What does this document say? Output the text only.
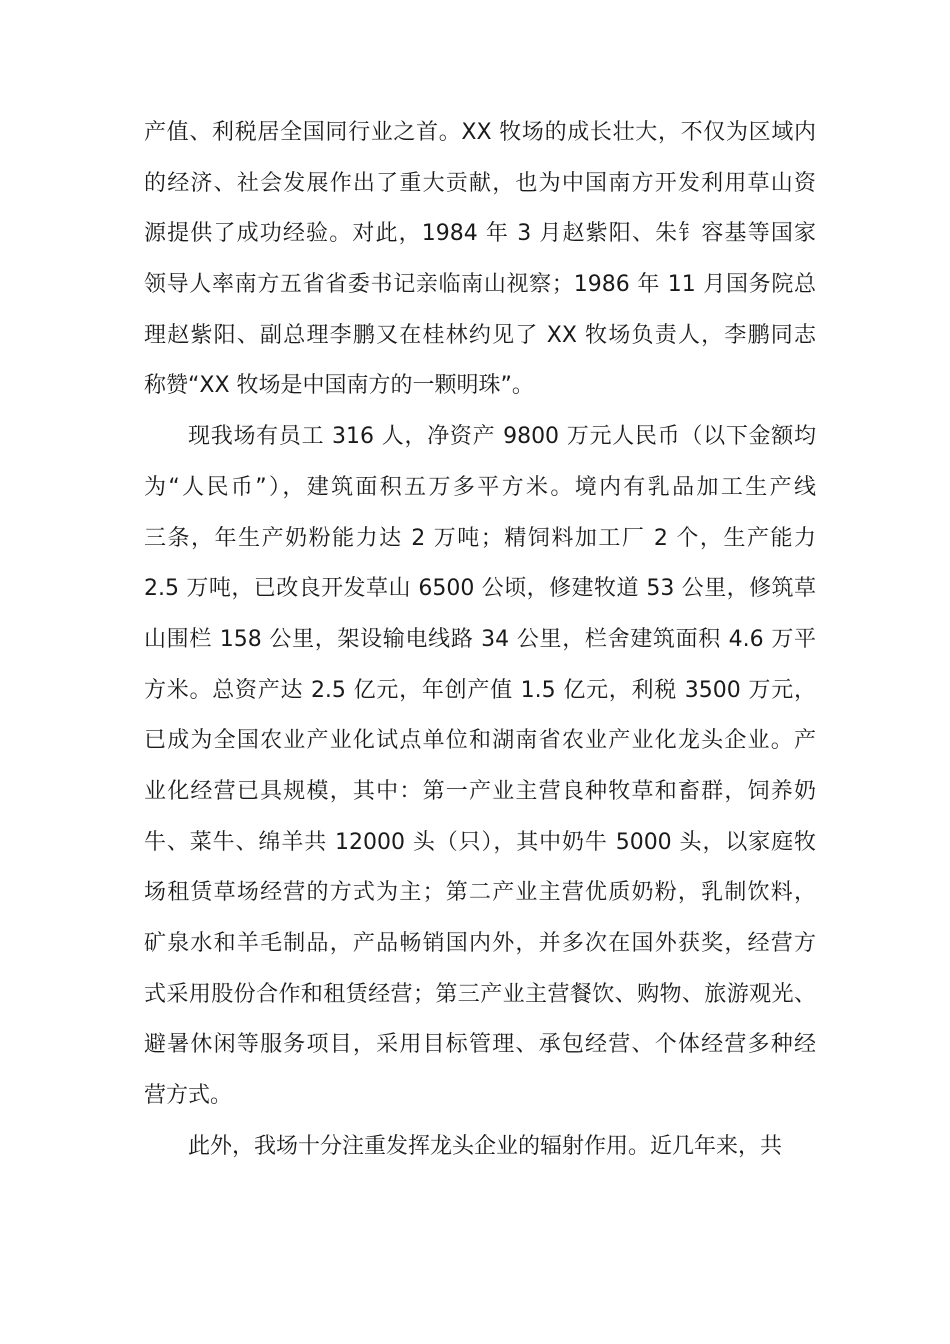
产值、利税居全国同行业之首。XX 牧场的成长壮大，不仅为区域内
的经济、社会发展作出了重大贡献，也为中国南方开发利用草山资
源提供了成功经验。对此，1984 年 3 月赵紫阳、朱钅容基等国家
领导人率南方五省省委书记亲临南山视察；1986 年 11 月国务院总
理赵紫阳、副总理李鹏又在桂林约见了 XX 牧场负责人，李鹏同志
称赞“XX 牧场是中国南方的一颗明珠”。
现我场有员工 316 人，净资产 9800 万元人民币（以下金额均
为“人民币”），建筑面积五万多平方米。境内有乳品加工生产线
三条，年生产奶粉能力达 2 万吨；精饲料加工厂 2 个，生产能力
2.5 万吨，已改良开发草山 6500 公顷，修建牧道 53 公里，修筑草
山围栏 158 公里，架设输电线路 34 公里，栏舍建筑面积 4.6 万平
方米。总资产达 2.5 亿元，年创产值 1.5 亿元，利税 3500 万元，
已成为全国农业产业化试点单位和湖南省农业产业化龙头企业。产
业化经营已具规模，其中：第一产业主营良种牧草和畜群，饲养奶
牛、菜牛、绵羊共 12000 头（只），其中奶牛 5000 头，以家庭牧
场租赁草场经营的方式为主；第二产业主营优质奶粉，乳制饮料，
矿泉水和羊毛制品，产品畅销国内外，并多次在国外获奖，经营方
式采用股份合作和租赁经营；第三产业主营餐饮、购物、旅游观光、
避暑休闲等服务项目，采用目标管理、承包经营、个体经营多种经
营方式。
此外，我场十分注重发挥龙头企业的辐射作用。近几年来，共
